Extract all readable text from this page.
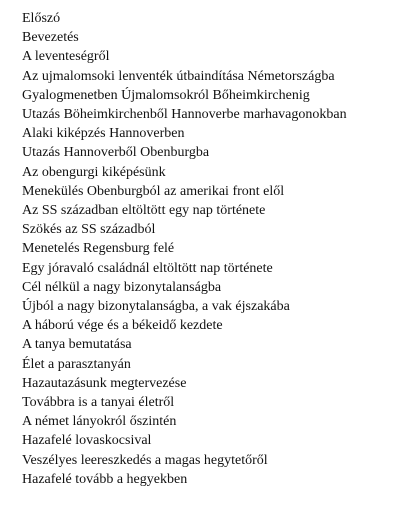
Előszó
Bevezetés
A leventeségről
Az ujmalomsoki lenventék útbaindítása Németországba
Gyalogmenetben Újmalomsokról Bőheimkirchenig
Utazás Böheimkirchenből Hannoverbe marhavagonokban
Alaki kiképzés Hannoverben
Utazás Hannoverből Obenburgba
Az obengurgi kiképésünk
Menekülés Obenburgból az amerikai front elől
Az SS században eltöltött egy nap története
Szökés az SS századból
Menetelés Regensburg felé
Egy jóravaló családnál eltöltött nap története
Cél nélkül a nagy bizonytalanságba
Újból a nagy bizonytalanságba, a vak éjszakába
A háború vége és a békeidő kezdete
A tanya bemutatása
Élet a parasztanyán
Hazautazásunk megtervezése
Továbbra is a tanyai életről
A német lányokról őszintén
Hazafelé lovaskocsival
Veszélyes leereszkedés a magas hegytetőről
Hazafelé tovább a hegyekben
